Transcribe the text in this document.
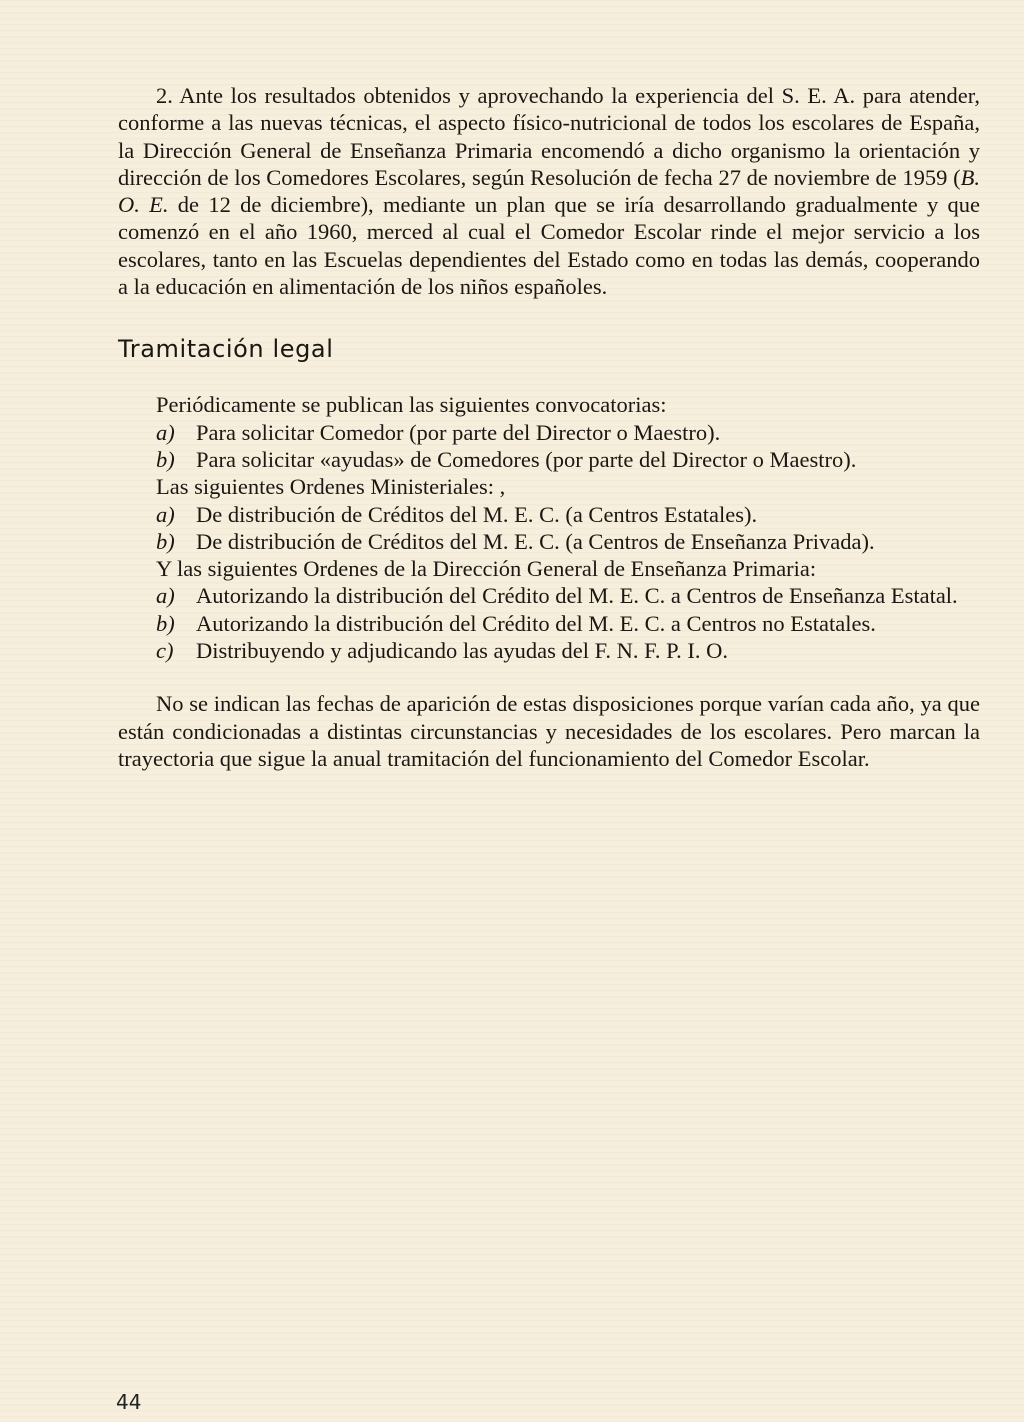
2. Ante los resultados obtenidos y aprovechando la experiencia del S. E. A. para atender, conforme a las nuevas técnicas, el aspecto físico-nutricional de todos los escolares de España, la Dirección General de Enseñanza Primaria encomendó a dicho organismo la orientación y dirección de los Comedores Escolares, según Resolución de fecha 27 de noviembre de 1959 (B. O. E. de 12 de diciembre), mediante un plan que se iría desarrollando gradualmente y que comenzó en el año 1960, merced al cual el Comedor Escolar rinde el mejor servicio a los escolares, tanto en las Escuelas dependientes del Estado como en todas las demás, cooperando a la educación en alimentación de los niños españoles.

Tramitación legal

Periódicamente se publican las siguientes convocatorias:

a) Para solicitar Comedor (por parte del Director o Maestro).

b) Para solicitar «ayudas» de Comedores (por parte del Director o Maestro).

Las siguientes Ordenes Ministeriales: ,

a) De distribución de Créditos del M. E. C. (a Centros Estatales).

b) De distribución de Créditos del M. E. C. (a Centros de Enseñanza Privada).

Y las siguientes Ordenes de la Dirección General de Enseñanza Primaria:

a) Autorizando la distribución del Crédito del M. E. C. a Centros de Enseñanza Estatal.

b) Autorizando la distribución del Crédito del M. E. C. a Centros no Estatales.

c) Distribuyendo y adjudicando las ayudas del F. N. F. P. I. O.

No se indican las fechas de aparición de estas disposiciones porque varían cada año, ya que están condicionadas a distintas circunstancias y necesidades de los escolares. Pero marcan la trayectoria que sigue la anual tramitación del funcionamiento del Comedor Escolar.

44
